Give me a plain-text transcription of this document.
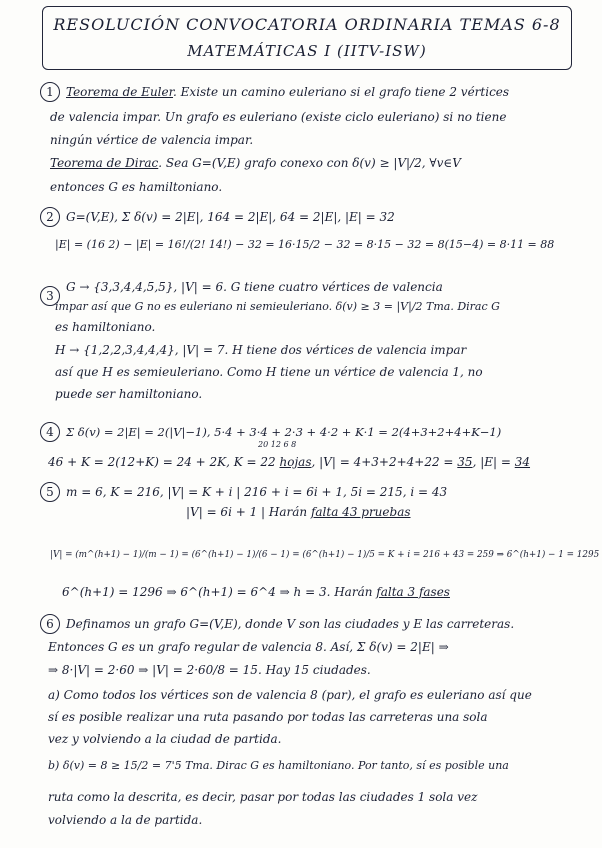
RESOLUCIÓN CONVOCATORIA ORDINARIA TEMAS 6-8
MATEMÁTICAS I (IITV-ISW)
1	Teorema de Euler. Existe un camino euleriano si el grafo tiene 2 vértices
de valencia impar. Un grafo es euleriano (existe ciclo euleriano) si no tiene
ningún vértice de valencia impar.
Teorema de Dirac. Sea G=(V,E) grafo conexo con δ(v) ≥ |V|/2, ∀v∈V
entonces G es hamiltoniano.
2	G=(V,E), Σ δ(v) = 2|E|, 164 = 2|E|, 64 = 2|E|, |E| = 32
|E| = (16 2) − |E| = 16!/(2! 14!) − 32 = 16·15/2 − 32 = 8·15 − 32 = 8(15−4) = 8·11 = 88
3
G → {3,3,4,4,5,5}, |V| = 6. G tiene cuatro vértices de valencia
impar así que G no es euleriano ni semieuleriano. δ(v) ≥ 3 = |V|/2 Tma. Dirac G
es hamiltoniano.
H → {1,2,2,3,4,4,4}, |V| = 7. H tiene dos vértices de valencia impar
así que H es semieuleriano. Como H tiene un vértice de valencia 1, no
puede ser hamiltoniano.
4	Σ δ(v) = 2|E| = 2(|V|−1), 5·4 + 3·4 + 2·3 + 4·2 + K·1 = 2(4+3+2+4+K−1)
20 12 6 8
46 + K = 2(12+K) = 24 + 2K, K = 22 hojas, |V| = 4+3+2+4+22 = 35, |E| = 34
5	m = 6, K = 216, |V| = K + i | 216 + i = 6i + 1, 5i = 215, i = 43
|V| = 6i + 1 | Harán falta 43 pruebas
|V| = (m^(h+1) − 1)/(m − 1) = (6^(h+1) − 1)/(6 − 1) = (6^(h+1) − 1)/5 = K + i = 216 + 43 = 259 ⇒ 6^(h+1) − 1 = 1295
6^(h+1) = 1296 ⇒ 6^(h+1) = 6^4 ⇒ h = 3. Harán falta 3 fases
6	Definamos un grafo G=(V,E), donde V son las ciudades y E las carreteras.
Entonces G es un grafo regular de valencia 8. Así, Σ δ(v) = 2|E| ⇒
⇒ 8·|V| = 2·60 ⇒ |V| = 2·60/8 = 15. Hay 15 ciudades.
a) Como todos los vértices son de valencia 8 (par), el grafo es euleriano así que
sí es posible realizar una ruta pasando por todas las carreteras una sola
vez y volviendo a la ciudad de partida.
b) δ(v) = 8 ≥ 15/2 = 7'5 Tma. Dirac G es hamiltoniano. Por tanto, sí es posible una
ruta como la descrita, es decir, pasar por todas las ciudades 1 sola vez
volviendo a la de partida.
